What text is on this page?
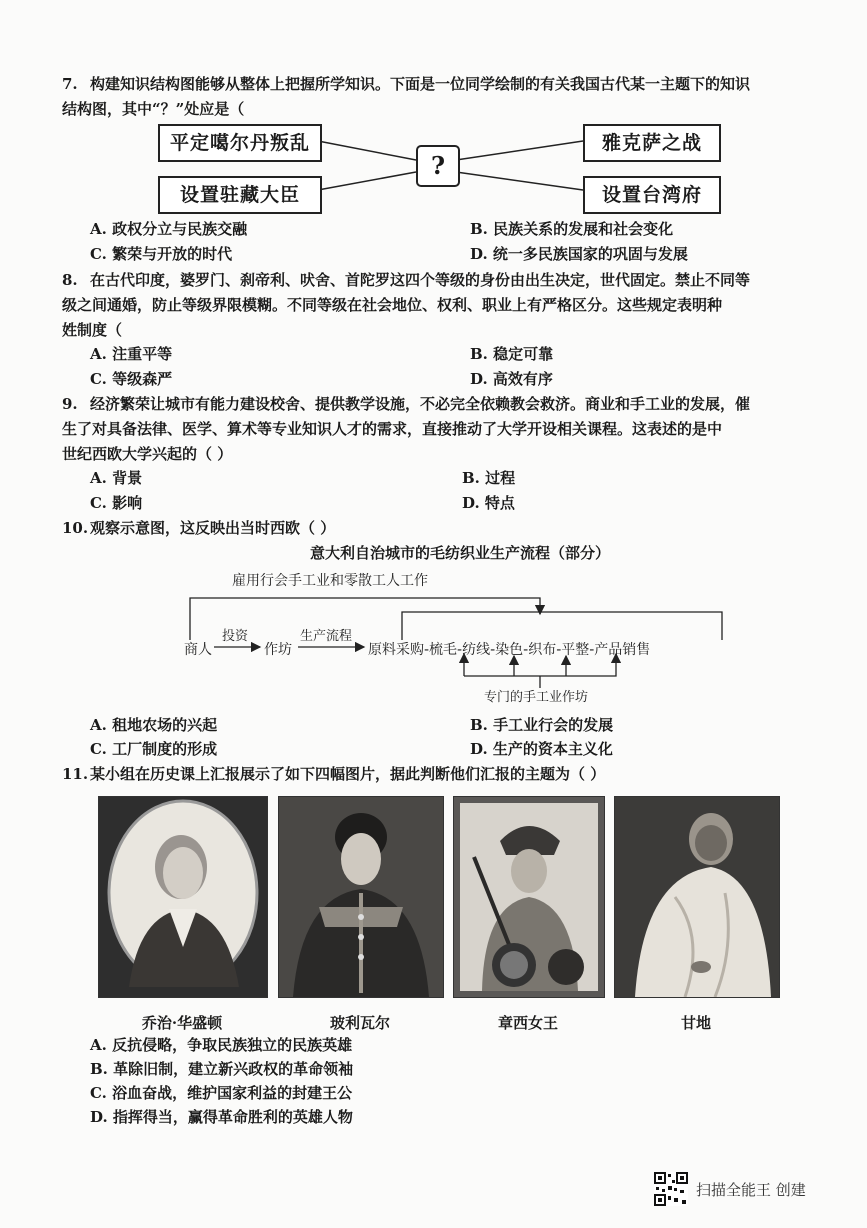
7. 构建知识结构图能够从整体上把握所学知识。下面是一位同学绘制的有关我国古代某一主题下的知识
结构图，其中“？”处应是（
平定噶尔丹叛乱
设置驻藏大臣
雅克萨之战
设置台湾府
?
A. 政权分立与民族交融	B. 民族关系的发展和社会变化
C. 繁荣与开放的时代	D. 统一多民族国家的巩固与发展
8. 在古代印度，婆罗门、刹帝利、吠舍、首陀罗这四个等级的身份由出生决定，世代固定。禁止不同等
级之间通婚，防止等级界限模糊。不同等级在社会地位、权利、职业上有严格区分。这些规定表明种
姓制度（
A. 注重平等	B. 稳定可靠
C. 等级森严	D. 高效有序
9. 经济繁荣让城市有能力建设校舍、提供教学设施，不必完全依赖教会救济。商业和手工业的发展，催
生了对具备法律、医学、算术等专业知识人才的需求，直接推动了大学开设相关课程。这表述的是中
世纪西欧大学兴起的（ ）
A. 背景	B. 过程
C. 影响	D. 特点
10. 观察示意图，这反映出当时西欧（ ）
意大利自治城市的毛纺织业生产流程（部分）
雇用行会手工业和零散工人工作
商人
投资
作坊
生产流程
原料采购-梳毛-纺线-染色-织布-平整-产品销售
专门的手工业作坊
A. 租地农场的兴起	B. 手工业行会的发展
C. 工厂制度的形成	D. 生产的资本主义化
11. 某小组在历史课上汇报展示了如下四幅图片，据此判断他们汇报的主题为（ ）
乔治·华盛顿	玻利瓦尔	章西女王	甘地
A. 反抗侵略，争取民族独立的民族英雄
B. 革除旧制，建立新兴政权的革命领袖
C. 浴血奋战，维护国家利益的封建王公
D. 指挥得当，赢得革命胜利的英雄人物
扫描全能王 创建
